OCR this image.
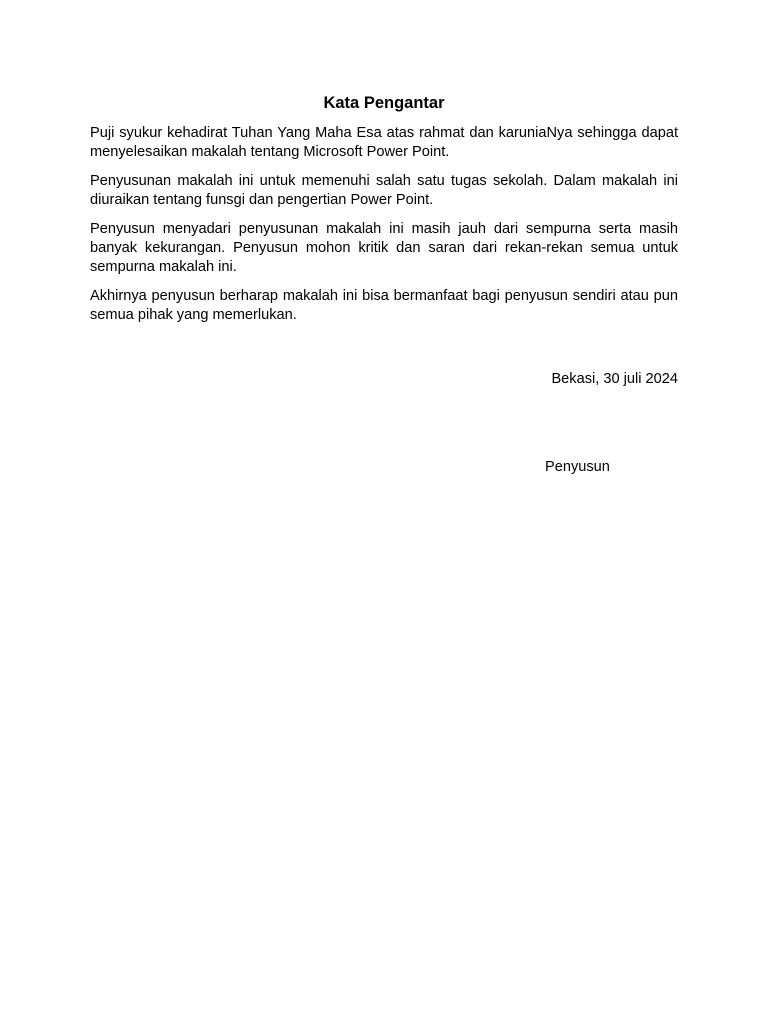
Kata Pengantar

Puji syukur kehadirat Tuhan Yang Maha Esa atas rahmat dan karuniaNya sehingga dapat menyelesaikan makalah tentang Microsoft Power Point.

Penyusunan makalah ini untuk memenuhi salah satu tugas sekolah. Dalam makalah ini diuraikan tentang funsgi dan pengertian Power Point.

Penyusun menyadari penyusunan makalah ini masih jauh dari sempurna serta masih banyak kekurangan. Penyusun mohon kritik dan saran dari rekan-rekan semua untuk sempurna makalah ini.

Akhirnya penyusun berharap makalah ini bisa bermanfaat bagi penyusun sendiri atau pun semua pihak yang memerlukan.

Bekasi, 30 juli 2024

Penyusun
